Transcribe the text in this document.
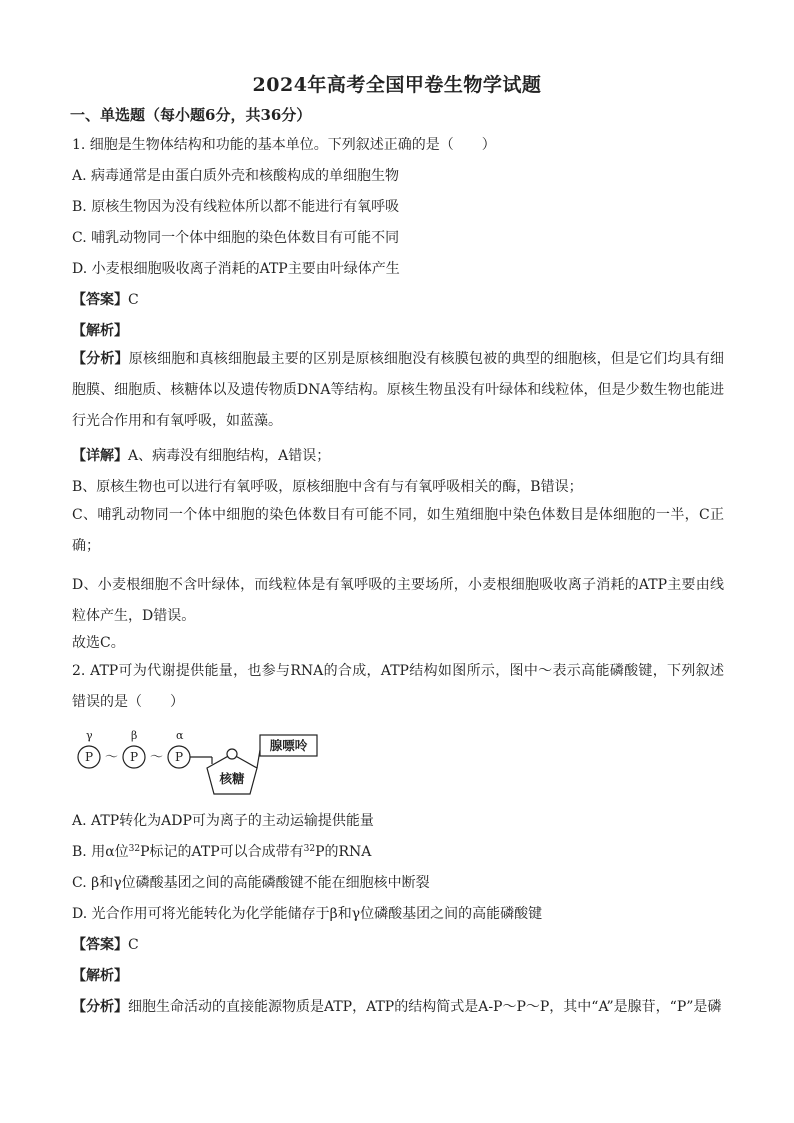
2024年高考全国甲卷生物学试题
一、单选题（每小题6分，共36分）
1. 细胞是生物体结构和功能的基本单位。下列叙述正确的是（　　）
A. 病毒通常是由蛋白质外壳和核酸构成的单细胞生物
B. 原核生物因为没有线粒体所以都不能进行有氧呼吸
C. 哺乳动物同一个体中细胞的染色体数目有可能不同
D. 小麦根细胞吸收离子消耗的ATP主要由叶绿体产生
【答案】C
【解析】
【分析】原核细胞和真核细胞最主要的区别是原核细胞没有核膜包被的典型的细胞核，但是它们均具有细胞膜、细胞质、核糖体以及遗传物质DNA等结构。原核生物虽没有叶绿体和线粒体，但是少数生物也能进行光合作用和有氧呼吸，如蓝藻。
【详解】A、病毒没有细胞结构，A错误；
B、原核生物也可以进行有氧呼吸，原核细胞中含有与有氧呼吸相关的酶，B错误；
C、哺乳动物同一个体中细胞的染色体数目有可能不同，如生殖细胞中染色体数目是体细胞的一半，C正确；
D、小麦根细胞不含叶绿体，而线粒体是有氧呼吸的主要场所，小麦根细胞吸收离子消耗的ATP主要由线粒体产生，D错误。
故选C。
2. ATP可为代谢提供能量，也参与RNA的合成，ATP结构如图所示，图中～表示高能磷酸键，下列叙述错误的是（　　）
γ	β	α
P	P	P
～ ～
腺嘌呤
核糖
A. ATP转化为ADP可为离子的主动运输提供能量
B. 用α位$^{32}$P标记的ATP可以合成带有$^{32}$P的RNA
C. β和γ位磷酸基团之间的高能磷酸键不能在细胞核中断裂
D. 光合作用可将光能转化为化学能储存于β和γ位磷酸基团之间的高能磷酸键
【答案】C
【解析】
【分析】细胞生命活动的直接能源物质是ATP，ATP的结构简式是A-P～P～P，其中“A”是腺苷，“P”是磷
